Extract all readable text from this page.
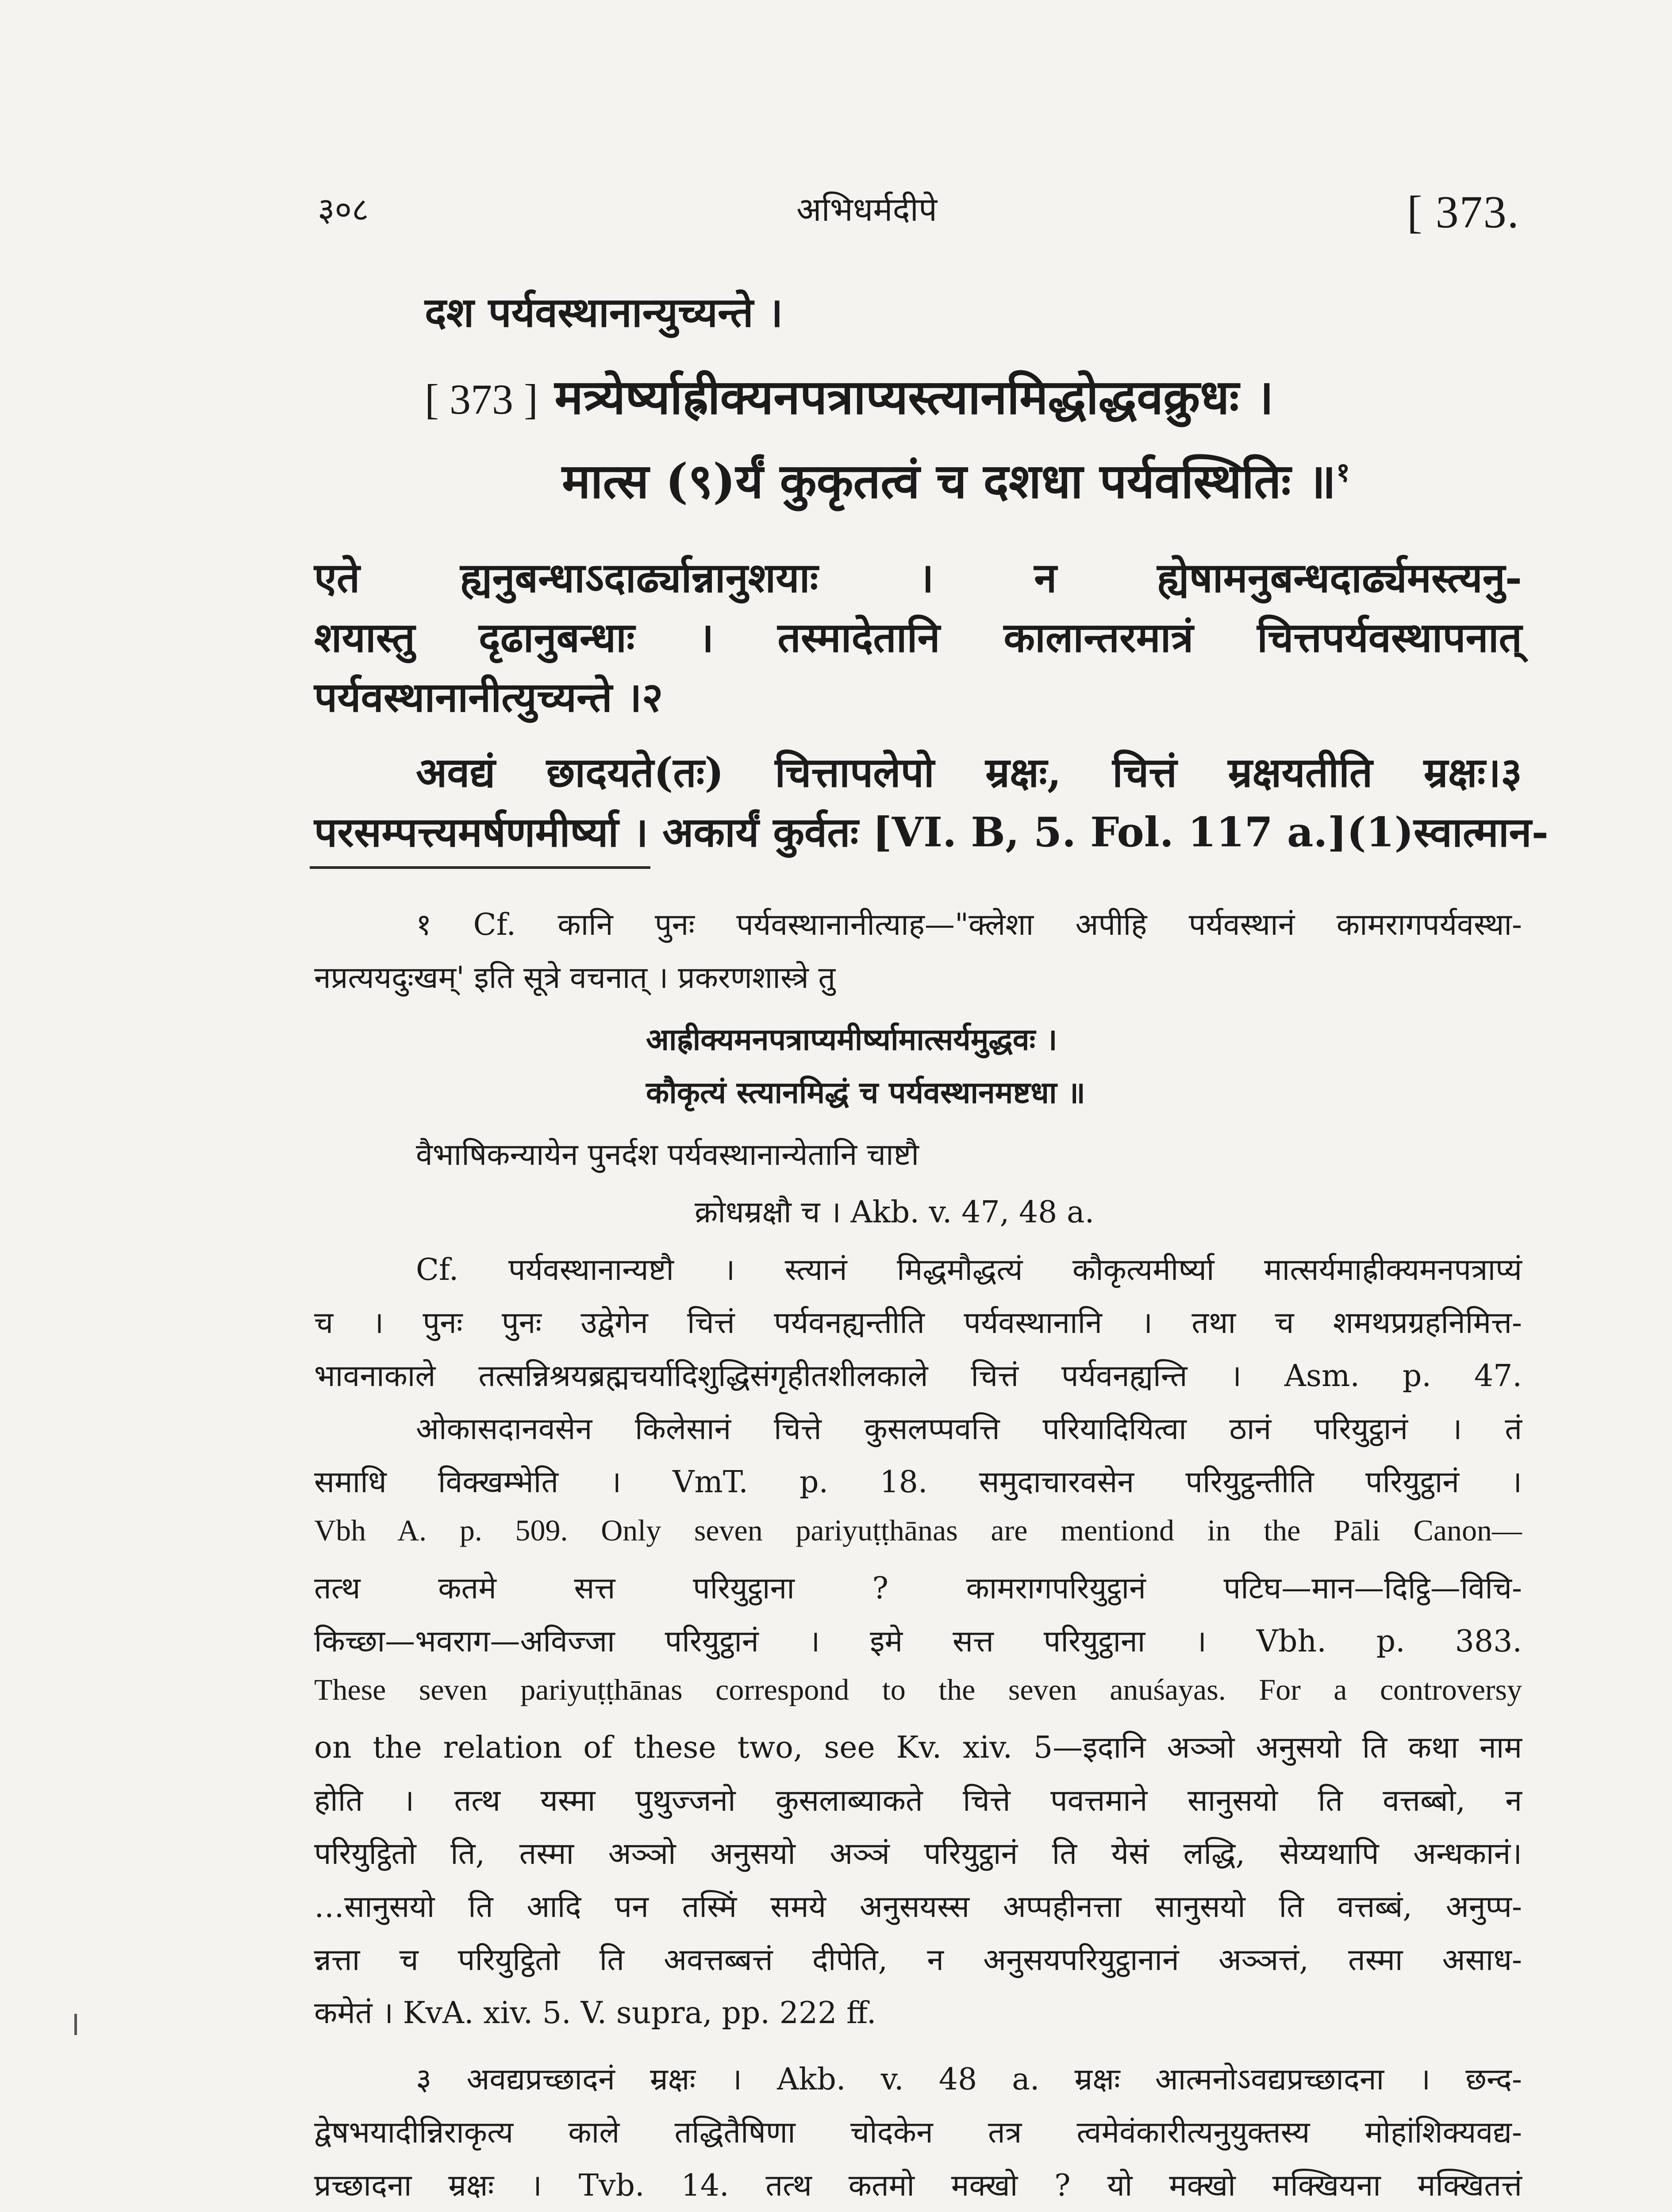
३०८	अभिधर्मदीपे	[ 373.
दश पर्यवस्थानान्युच्यन्ते ।
[ 373 ] मत्र्येर्ष्याह्रीक्यनपत्राप्यस्त्यानमिद्धोद्धवक्रुधः ।
मात्स (९)र्यं कुकृतत्वं च दशधा पर्यवस्थितिः ॥$^१$
एते ह्यनुबन्धाऽदार्ढ्यान्नानुशयाः । न ह्येषामनुबन्धदार्ढ्यमस्त्यनु-
शयास्तु दृढानुबन्धाः । तस्मादेतानि कालान्तरमात्रं चित्तपर्यवस्थापनात्
पर्यवस्थानानीत्युच्यन्ते ।२
अवद्यं छादयते(तः) चित्तापलेपो म्रक्षः, चित्तं म्रक्षयतीति म्रक्षः।३
परसम्पत्त्यमर्षणमीर्ष्या । अकार्यं कुर्वतः [VI. B, 5. Fol. 117 a.](1)स्वात्मान-
१ Cf. कानि पुनः पर्यवस्थानानीत्याह—"क्लेशा अपीहि पर्यवस्थानं कामरागपर्यवस्था-
नप्रत्ययदुःखम्' इति सूत्रे वचनात् । प्रकरणशास्त्रे तु
आह्रीक्यमनपत्राप्यमीर्ष्यामात्सर्यमुद्धवः ।
कौकृत्यं स्त्यानमिद्धं च पर्यवस्थानमष्टधा ॥
वैभाषिकन्यायेन पुनर्दश पर्यवस्थानान्येतानि चाष्टौ
क्रोधम्रक्षौ च । Akb. v. 47, 48 a.
Cf. पर्यवस्थानान्यष्टौ । स्त्यानं मिद्धमौद्धत्यं कौकृत्यमीर्ष्या मात्सर्यमाह्रीक्यमनपत्राप्यं
च । पुनः पुनः उद्वेगेन चित्तं पर्यवनह्यन्तीति पर्यवस्थानानि । तथा च शमथप्रग्रहनिमित्त-
भावनाकाले तत्सन्निश्रयब्रह्मचर्यादिशुद्धिसंगृहीतशीलकाले चित्तं पर्यवनह्यन्ति । Asm. p. 47.
ओकासदानवसेन किलेसानं चित्ते कुसलप्पवत्ति परियादियित्वा ठानं परियुट्ठानं । तं
समाधि विक्खम्भेति । VmT. p. 18. समुदाचारवसेन परियुट्ठन्तीति परियुट्ठानं ।
Vbh A. p. 509. Only seven pariyuṭṭhānas are mentiond in the Pāli Canon—
तत्थ कतमे सत्त परियुट्ठाना ? कामरागपरियुट्ठानं पटिघ—मान—दिट्ठि—विचि-
किच्छा—भवराग—अविज्जा परियुट्ठानं । इमे सत्त परियुट्ठाना । Vbh. p. 383.
These seven pariyuṭṭhānas correspond to the seven anuśayas. For a controversy
on the relation of these two, see Kv. xiv. 5—इदानि अञ्ञो अनुसयो ति कथा नाम
होति । तत्थ यस्मा पुथुज्जनो कुसलाब्याकते चित्ते पवत्तमाने सानुसयो ति वत्तब्बो, न
परियुट्ठितो ति, तस्मा अञ्ञो अनुसयो अञ्ञं परियुट्ठानं ति येसं लद्धि, सेय्यथापि अन्धकानं।
…सानुसयो ति आदि पन तस्मिं समये अनुसयस्स अप्पहीनत्ता सानुसयो ति वत्तब्बं, अनुप्प-
न्नत्ता च परियुट्ठितो ति अवत्तब्बत्तं दीपेति, न अनुसयपरियुट्ठानानं अञ्ञत्तं, तस्मा असाध-
कमेतं । KvA. xiv. 5. V. supra, pp. 222 ff.
३ अवद्यप्रच्छादनं म्रक्षः । Akb. v. 48 a. म्रक्षः आत्मनोऽवद्यप्रच्छादना । छन्द-
द्वेषभयादीन्निराकृत्य काले तद्धितैषिणा चोदकेन तत्र त्वमेवंकारीत्यनुयुक्तस्य मोहांशिक्यवद्य-
प्रच्छादना म्रक्षः । Tvb. 14. तत्थ कतमो मक्खो ? यो मक्खो मक्खियना मक्खितत्तं
